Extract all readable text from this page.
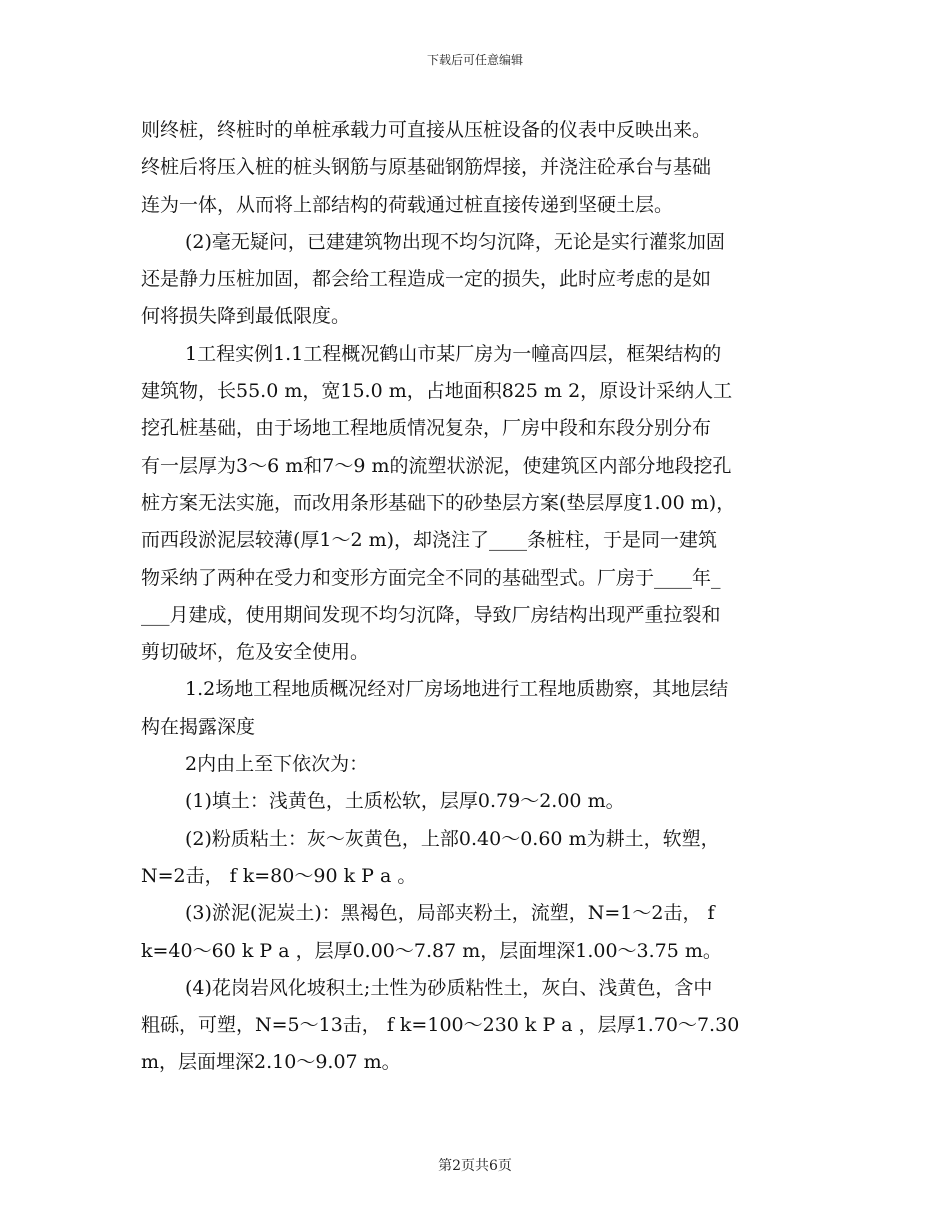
下载后可任意编辑
则终桩，终桩时的单桩承载力可直接从压桩设备的仪表中反映出来。
终桩后将压入桩的桩头钢筋与原基础钢筋焊接，并浇注砼承台与基础
连为一体，从而将上部结构的荷载通过桩直接传递到坚硬土层。
(2)毫无疑问，已建建筑物出现不均匀沉降，无论是实行灌浆加固
还是静力压桩加固，都会给工程造成一定的损失，此时应考虑的是如
何将损失降到最低限度。
1工程实例1.1工程概况鹤山市某厂房为一幢高四层，框架结构的
建筑物，长55.0 m，宽15.0 m，占地面积825 m 2，原设计采纳人工
挖孔桩基础，由于场地工程地质情况复杂，厂房中段和东段分别分布
有一层厚为3～6 m和7～9 m的流塑状淤泥，使建筑区内部分地段挖孔
桩方案无法实施，而改用条形基础下的砂垫层方案(垫层厚度1.00 m)，
而西段淤泥层较薄(厚1～2 m)，却浇注了____条桩柱，于是同一建筑
物采纳了两种在受力和变形方面完全不同的基础型式。厂房于____年_
___月建成，使用期间发现不均匀沉降，导致厂房结构出现严重拉裂和
剪切破坏，危及安全使用。
1.2场地工程地质概况经对厂房场地进行工程地质勘察，其地层结
构在揭露深度
2内由上至下依次为：
(1)填土：浅黄色，土质松软，层厚0.79～2.00 m。
(2)粉质粘土：灰～灰黄色，上部0.40～0.60 m为耕土，软塑，
N=2击， f k=80～90 k P a 。
(3)淤泥(泥炭土)：黑褐色，局部夹粉土，流塑，N=1～2击， f
k=40～60 k P a ，层厚0.00～7.87 m，层面埋深1.00～3.75 m。
(4)花岗岩风化坡积土;土性为砂质粘性土，灰白、浅黄色，含中
粗砾，可塑，N=5～13击， f k=100～230 k P a ，层厚1.70～7.30
m，层面埋深2.10～9.07 m。
第2页共6页
